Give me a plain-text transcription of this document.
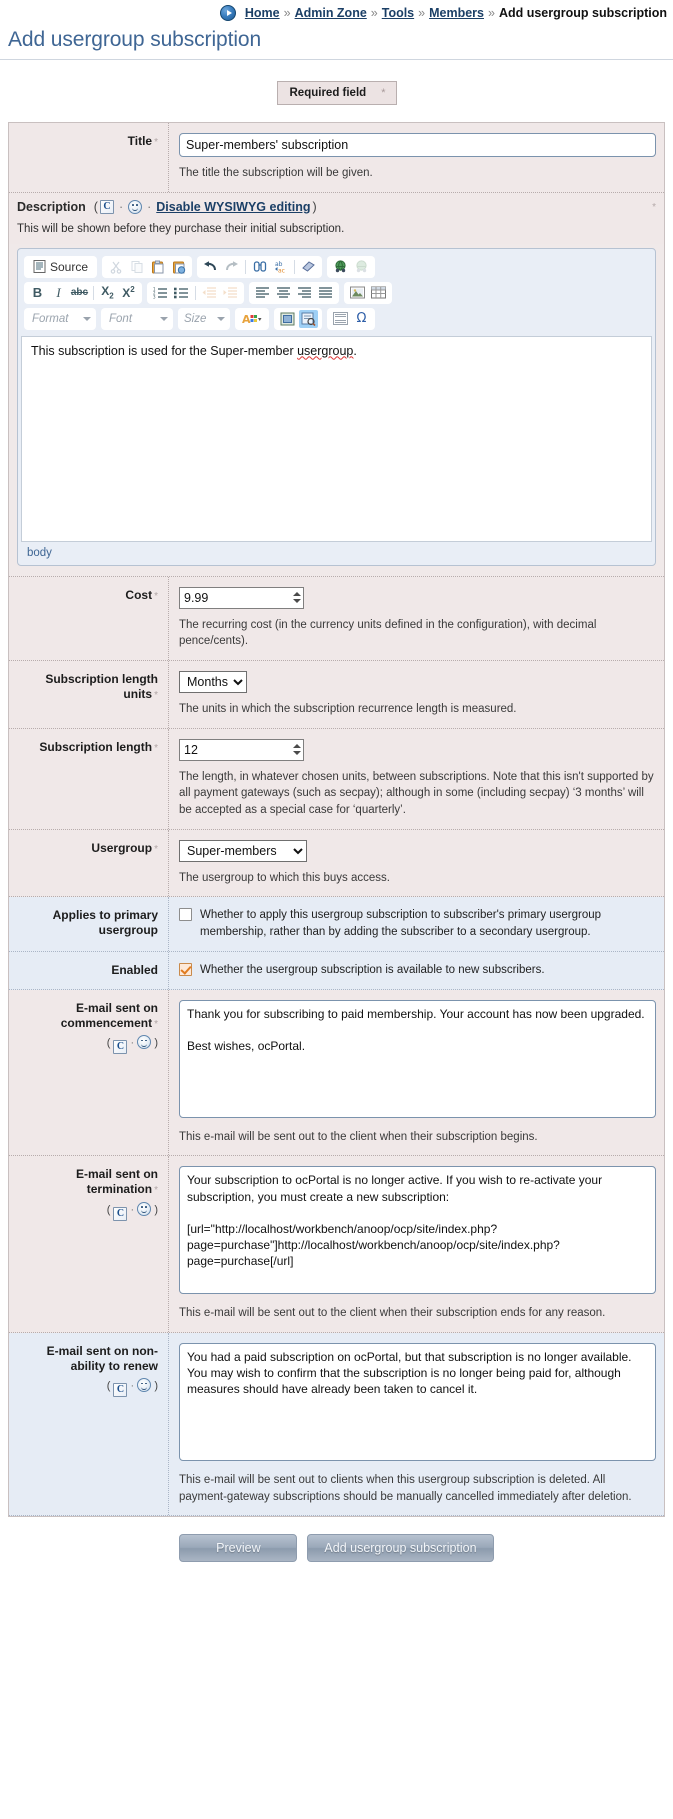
Home » Admin Zone » Tools » Members » Add usergroup subscription
Add usergroup subscription
Required field *
Title *
Super-members' subscription
The title the subscription will be given.
Description ( C · · Disable WYSIWYG editing )	*
This will be shown before they purchase their initial subscription.
Source	ab
ac
B I abc $X_2$ $X^2$	1
2
3
Format	Font	Size	A	Ω
This subscription is used for the Super-member usergroup.
body
Cost *
9.99
The recurring cost (in the currency units defined in the configuration), with decimal pence/cents).
Subscription length units *
Months
The units in which the subscription recurrence length is measured.
Subscription length *
12
The length, in whatever chosen units, between subscriptions. Note that this isn't supported by all payment gateways (such as secpay); although in some (including secpay) ‘3 months’ will be accepted as a special case for ‘quarterly’.
Usergroup *
Super-members
The usergroup to which this buys access.
Applies to primary usergroup
Whether to apply this usergroup subscription to subscriber's primary usergroup membership, rather than by adding the subscriber to a secondary usergroup.
Enabled	Whether the usergroup subscription is available to new subscribers.
E-mail sent on commencement *
( C · )
Thank you for subscribing to paid membership. Your account has now been upgraded. Best wishes, ocPortal.
This e-mail will be sent out to the client when their subscription begins.
E-mail sent on termination *
( C · )
Your subscription to ocPortal is no longer active. If you wish to re-activate your subscription, you must create a new subscription: [url="http://localhost/workbench/anoop/ocp/site/index.php?page=purchase"]http://localhost/workbench/anoop/ocp/site/index.php?page=purchase[/url]
This e-mail will be sent out to the client when their subscription ends for any reason.
E-mail sent on non-ability to renew
( C · )
You had a paid subscription on ocPortal, but that subscription is no longer available. You may wish to confirm that the subscription is no longer being paid for, although measures should have already been taken to cancel it.
This e-mail will be sent out to clients when this usergroup subscription is deleted. All payment-gateway subscriptions should be manually cancelled immediately after deletion.
Preview	Add usergroup subscription
